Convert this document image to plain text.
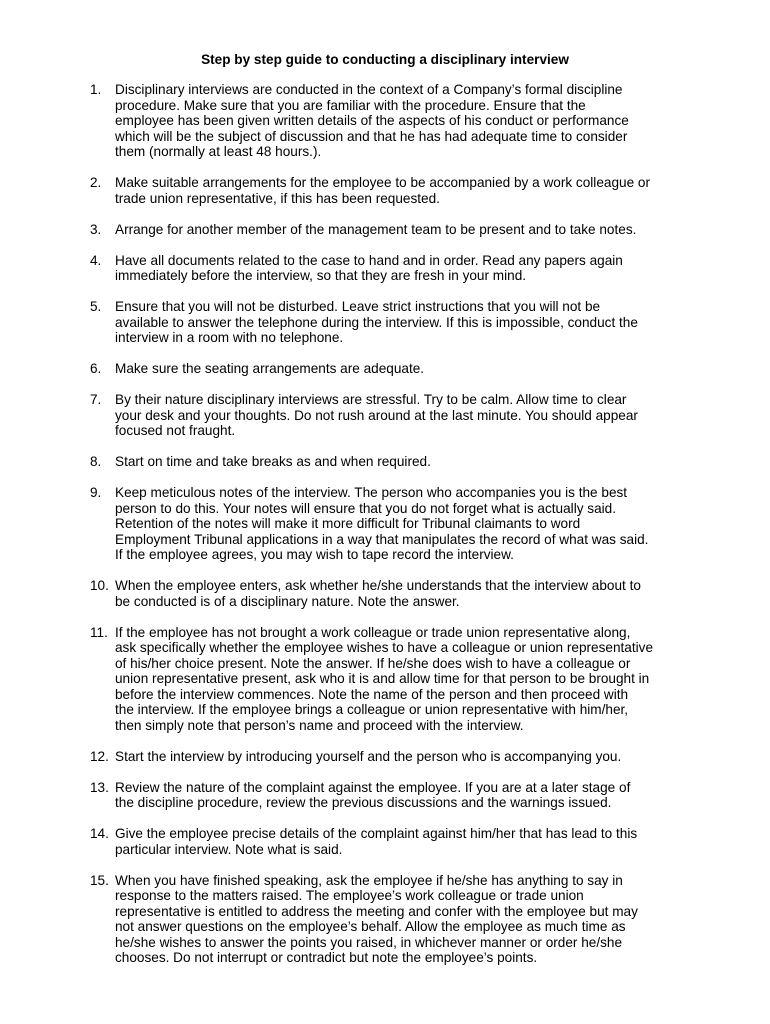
Step by step guide to conducting a disciplinary interview
1. Disciplinary interviews are conducted in the context of a Company’s formal discipline
procedure. Make sure that you are familiar with the procedure. Ensure that the
employee has been given written details of the aspects of his conduct or performance
which will be the subject of discussion and that he has had adequate time to consider
them (normally at least 48 hours.).
2. Make suitable arrangements for the employee to be accompanied by a work colleague or
trade union representative, if this has been requested.
3. Arrange for another member of the management team to be present and to take notes.
4. Have all documents related to the case to hand and in order. Read any papers again
immediately before the interview, so that they are fresh in your mind.
5. Ensure that you will not be disturbed. Leave strict instructions that you will not be
available to answer the telephone during the interview. If this is impossible, conduct the
interview in a room with no telephone.
6. Make sure the seating arrangements are adequate.
7. By their nature disciplinary interviews are stressful. Try to be calm. Allow time to clear
your desk and your thoughts. Do not rush around at the last minute. You should appear
focused not fraught.
8. Start on time and take breaks as and when required.
9. Keep meticulous notes of the interview. The person who accompanies you is the best
person to do this. Your notes will ensure that you do not forget what is actually said.
Retention of the notes will make it more difficult for Tribunal claimants to word
Employment Tribunal applications in a way that manipulates the record of what was said.
If the employee agrees, you may wish to tape record the interview.
10. When the employee enters, ask whether he/she understands that the interview about to
be conducted is of a disciplinary nature. Note the answer.
11. If the employee has not brought a work colleague or trade union representative along,
ask specifically whether the employee wishes to have a colleague or union representative
of his/her choice present. Note the answer. If he/she does wish to have a colleague or
union representative present, ask who it is and allow time for that person to be brought in
before the interview commences. Note the name of the person and then proceed with
the interview. If the employee brings a colleague or union representative with him/her,
then simply note that person’s name and proceed with the interview.
12. Start the interview by introducing yourself and the person who is accompanying you.
13. Review the nature of the complaint against the employee. If you are at a later stage of
the discipline procedure, review the previous discussions and the warnings issued.
14. Give the employee precise details of the complaint against him/her that has lead to this
particular interview. Note what is said.
15. When you have finished speaking, ask the employee if he/she has anything to say in
response to the matters raised. The employee’s work colleague or trade union
representative is entitled to address the meeting and confer with the employee but may
not answer questions on the employee’s behalf. Allow the employee as much time as
he/she wishes to answer the points you raised, in whichever manner or order he/she
chooses. Do not interrupt or contradict but note the employee’s points.
